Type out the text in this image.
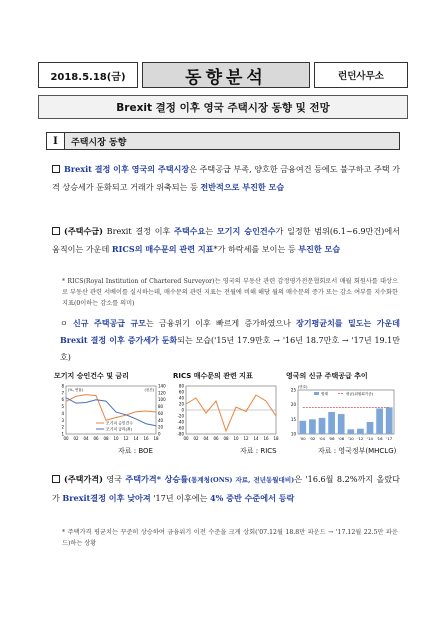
2018.5.18(금)	동향분석	런던사무소
Brexit 결정 이후 영국 주택시장 동향 및 전망
I	주택시장 동향
Brexit 결정 이후 영국의 주택시장은 주택공급 부족, 양호한 금융여건 등에도 불구하고 주택 가격 상승세가 둔화되고 거래가 위축되는 등 전반적으로 부진한 모습
(주택수급) Brexit 결정 이후 주택수요는 모기지 승인건수가 일정한 범위(6.1~6.9만건)에서 움직이는 가운데 RICS의 매수문의 관련 지표*가 하락세를 보이는 등 부진한 모습
* RICS(Royal Institution of Chartered Surveyor)는 영국의 부동산 관련 감정평가전문협회로서 매월 회원사를 대상으로 부동산 관련 서베이를 실시하는데, 매수문의 관련 지표는 전월에 비해 해당 월의 매수문의 증가 또는 감소 여부를 지수화한 지표(0이하는 감소를 의미)
ㅇ 신규 주택공급 규모는 금융위기 이후 빠르게 증가하였으나 장기평균치를 밑도는 가운데 Brexit 결정 이후 증가세가 둔화되는 모습('15년 17.9만호 → '16년 18.7만호 → '17년 19.1만호)
모기지 승인건수 및 금리	RICS 매수문의 관련 지표	영국의 신규 주택공급 추이
1
2
3
4
5
6
7
8
0
20
40
60
80
100
120
140
00 02 04 06 08 10 12 14 16 18
(%, 연율)	(천건)
모기지 승인건수
모기지 금리(좌)
-80
-60
-40
-20
0
20
40
60
80
00 02 04 06 08 10 12 14 16 18
10
15
20
25
(만호)
'00 '02 '04 '06 '08 '10 '12 '14 '16 '17
합계	평균(위원회기준)
자료 : BOE	자료 : RICS	자료 : 영국정부(MHCLG)
(주택가격) 영국 주택가격* 상승률(통계청(ONS) 자료, 전년동월대비)은 '16.6월 8.2%까지 올랐다가 Brexit결정 이후 낮아져 '17년 이후에는 4% 중반 수준에서 등락
* 주택가격 평균치는 꾸준히 상승하여 금융위기 이전 수준을 크게 상회('07.12월 18.8만 파운드 → '17.12월 22.5만 파운드)하는 상황
